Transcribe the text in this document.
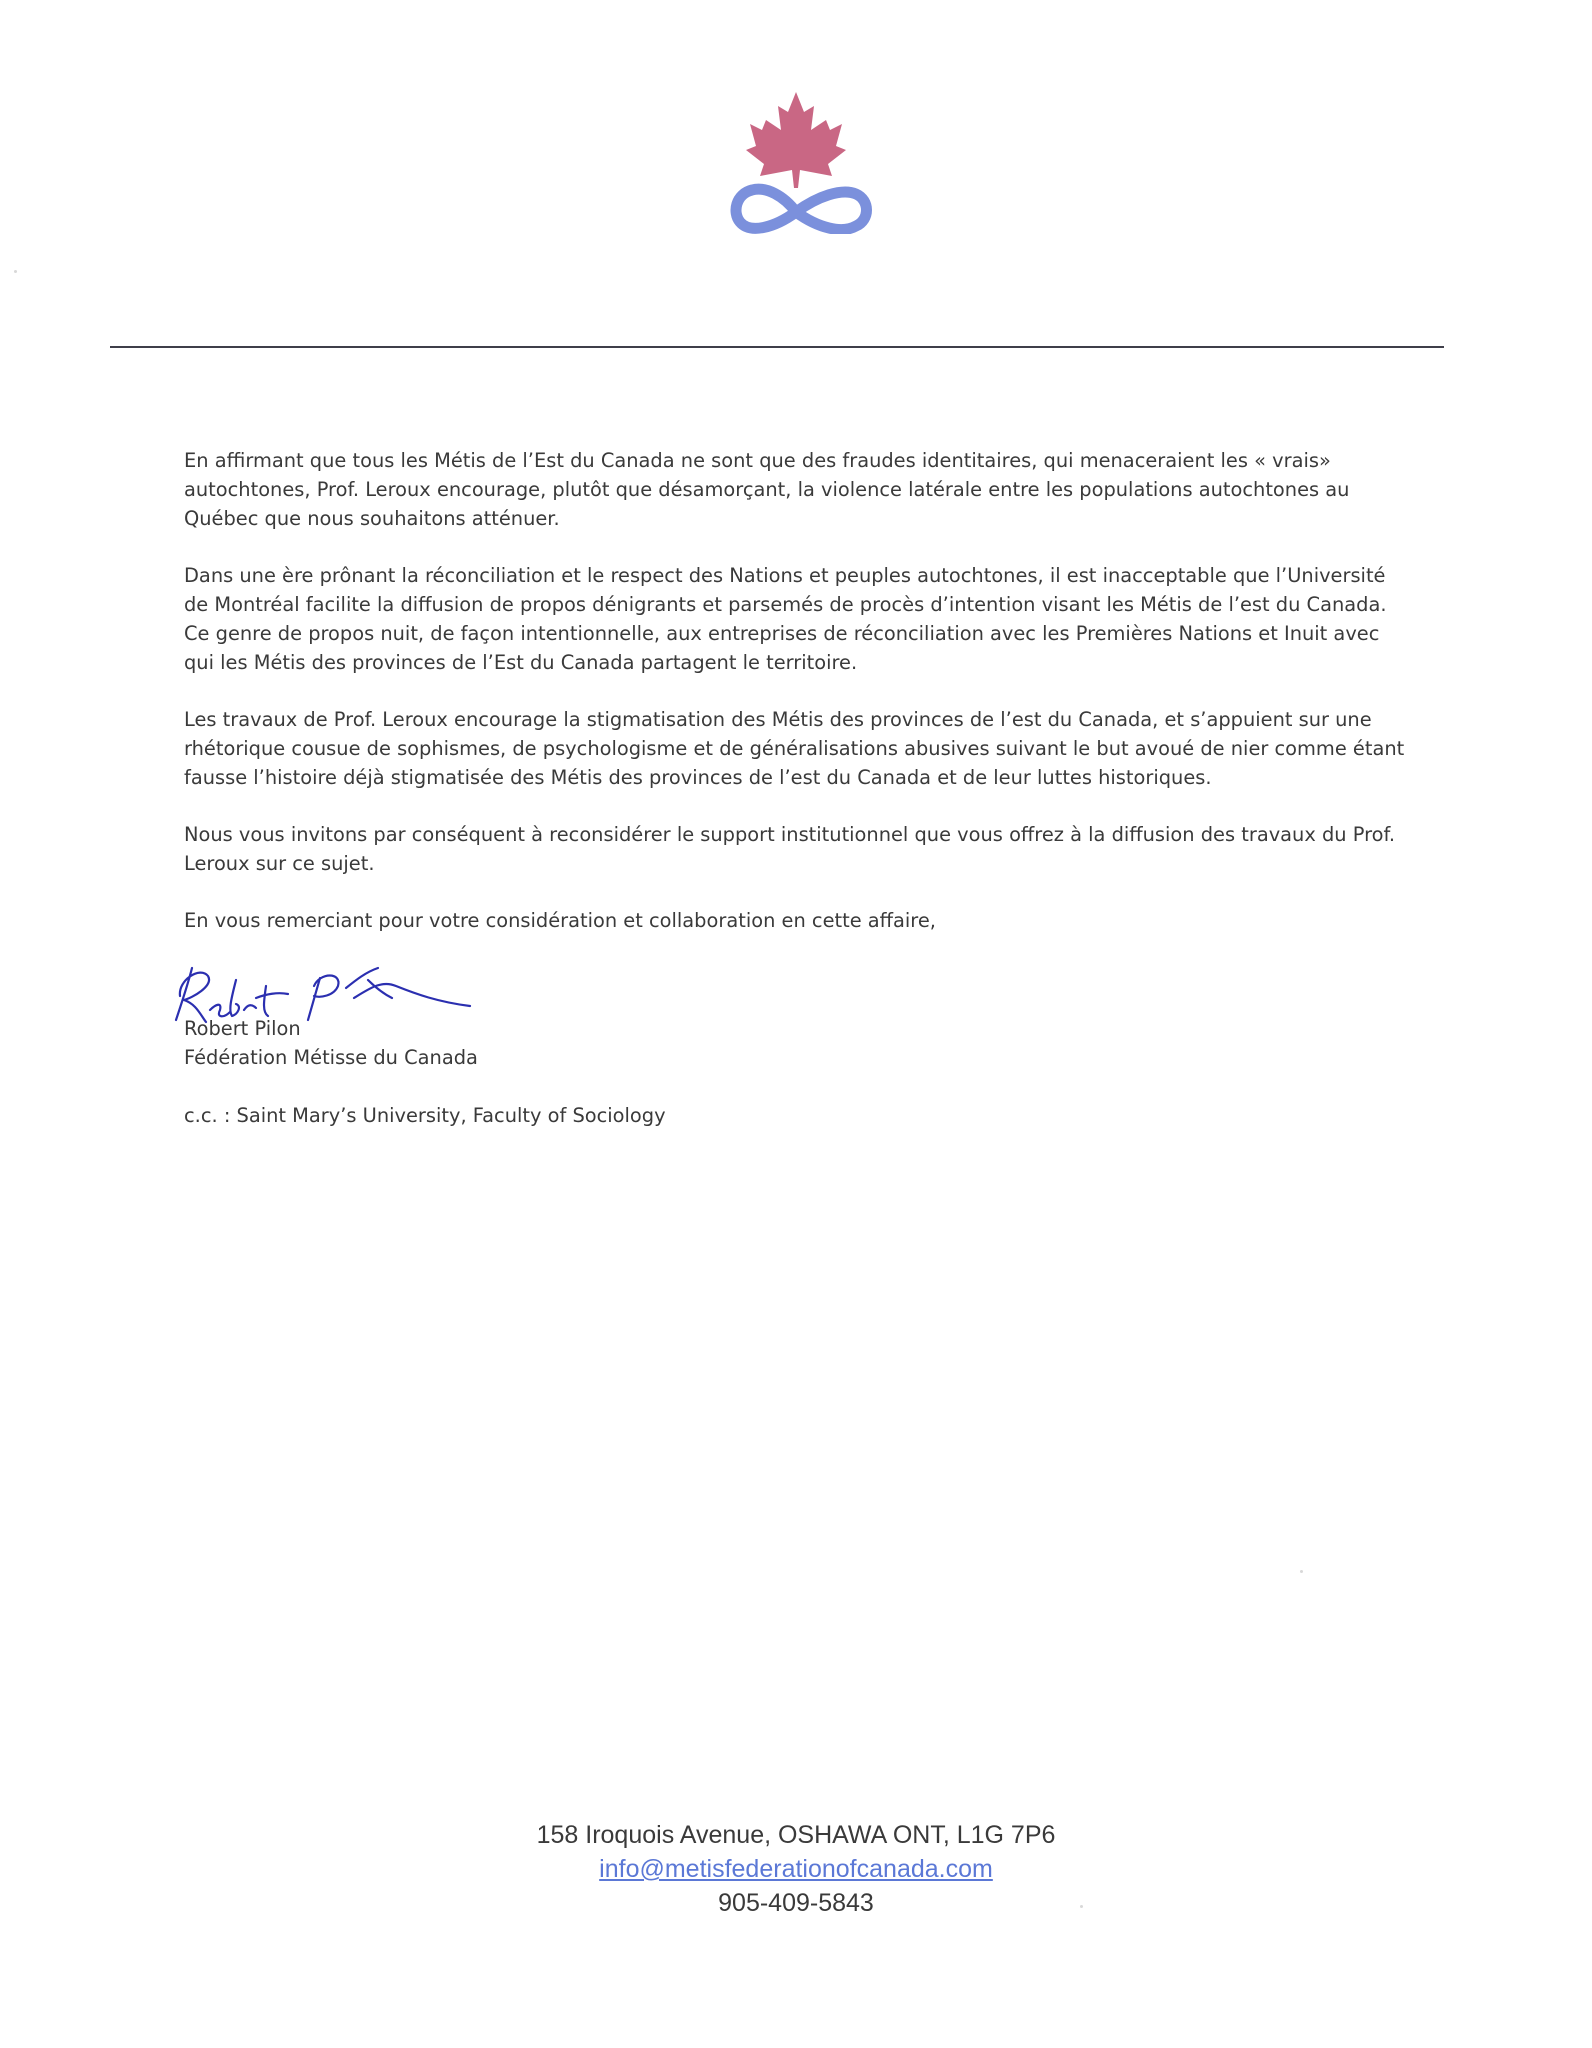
En affirmant que tous les Métis de l’Est du Canada ne sont que des fraudes identitaires, qui menaceraient les « vrais» autochtones, Prof. Leroux encourage, plutôt que désamorçant, la violence latérale entre les populations autochtones au Québec que nous souhaitons atténuer.

Dans une ère prônant la réconciliation et le respect des Nations et peuples autochtones, il est inacceptable que l’Université de Montréal facilite la diffusion de propos dénigrants et parsemés de procès d’intention visant les Métis de l’est du Canada. Ce genre de propos nuit, de façon intentionnelle, aux entreprises de réconciliation avec les Premières Nations et Inuit avec qui les Métis des provinces de l’Est du Canada partagent le territoire.

Les travaux de Prof. Leroux encourage la stigmatisation des Métis des provinces de l’est du Canada, et s’appuient sur une rhétorique cousue de sophismes, de psychologisme et de généralisations abusives suivant le but avoué de nier comme étant fausse l’histoire déjà stigmatisée des Métis des provinces de l’est du Canada et de leur luttes historiques.

Nous vous invitons par conséquent à reconsidérer le support institutionnel que vous offrez à la diffusion des travaux du Prof. Leroux sur ce sujet.

En vous remerciant pour votre considération et collaboration en cette affaire,

Robert Pilon
Fédération Métisse du Canada
c.c. : Saint Mary’s University, Faculty of Sociology
158 Iroquois Avenue, OSHAWA ONT, L1G 7P6
info@metisfederationofcanada.com
905-409-5843
